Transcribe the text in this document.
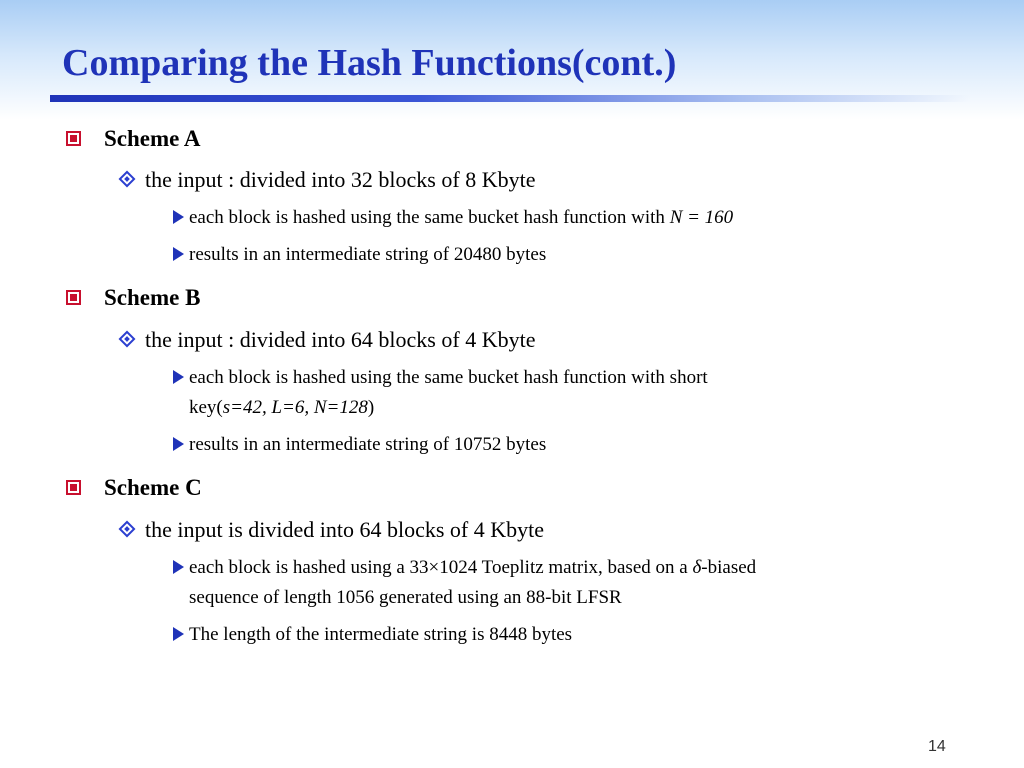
Comparing the Hash Functions(cont.)
Scheme A
the input : divided into 32 blocks of 8 Kbyte
each block is hashed using the same bucket hash function with N = 160
results in an intermediate string of 20480 bytes
Scheme B
the input : divided into 64 blocks of 4 Kbyte
each block is hashed using the same bucket hash function with short
key(s=42, L=6, N=128)
results in an intermediate string of 10752 bytes
Scheme C
the input is divided into 64 blocks of 4 Kbyte
each block is hashed using a 33×1024 Toeplitz matrix, based on a δ-biased
sequence of length 1056 generated using an 88-bit LFSR
The length of the intermediate string is 8448 bytes
14
